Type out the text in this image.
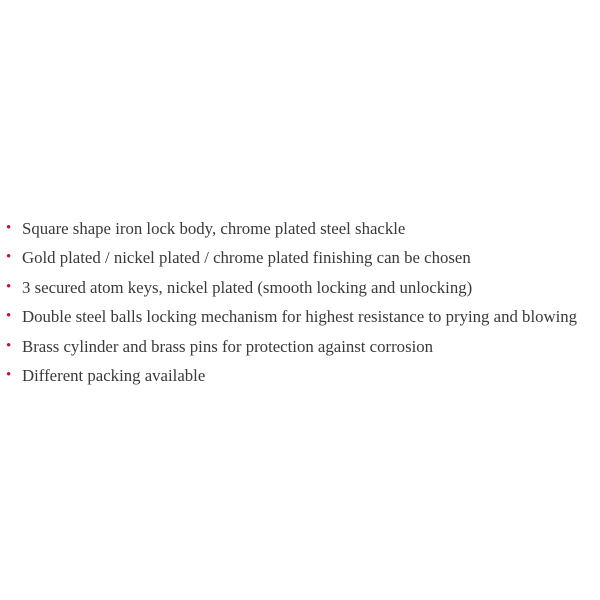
• Square shape iron lock body, chrome plated steel shackle
• Gold plated / nickel plated / chrome plated finishing can be chosen
• 3 secured atom keys, nickel plated (smooth locking and unlocking)
• Double steel balls locking mechanism for highest resistance to prying and blowing
• Brass cylinder and brass pins for protection against corrosion
• Different packing available
